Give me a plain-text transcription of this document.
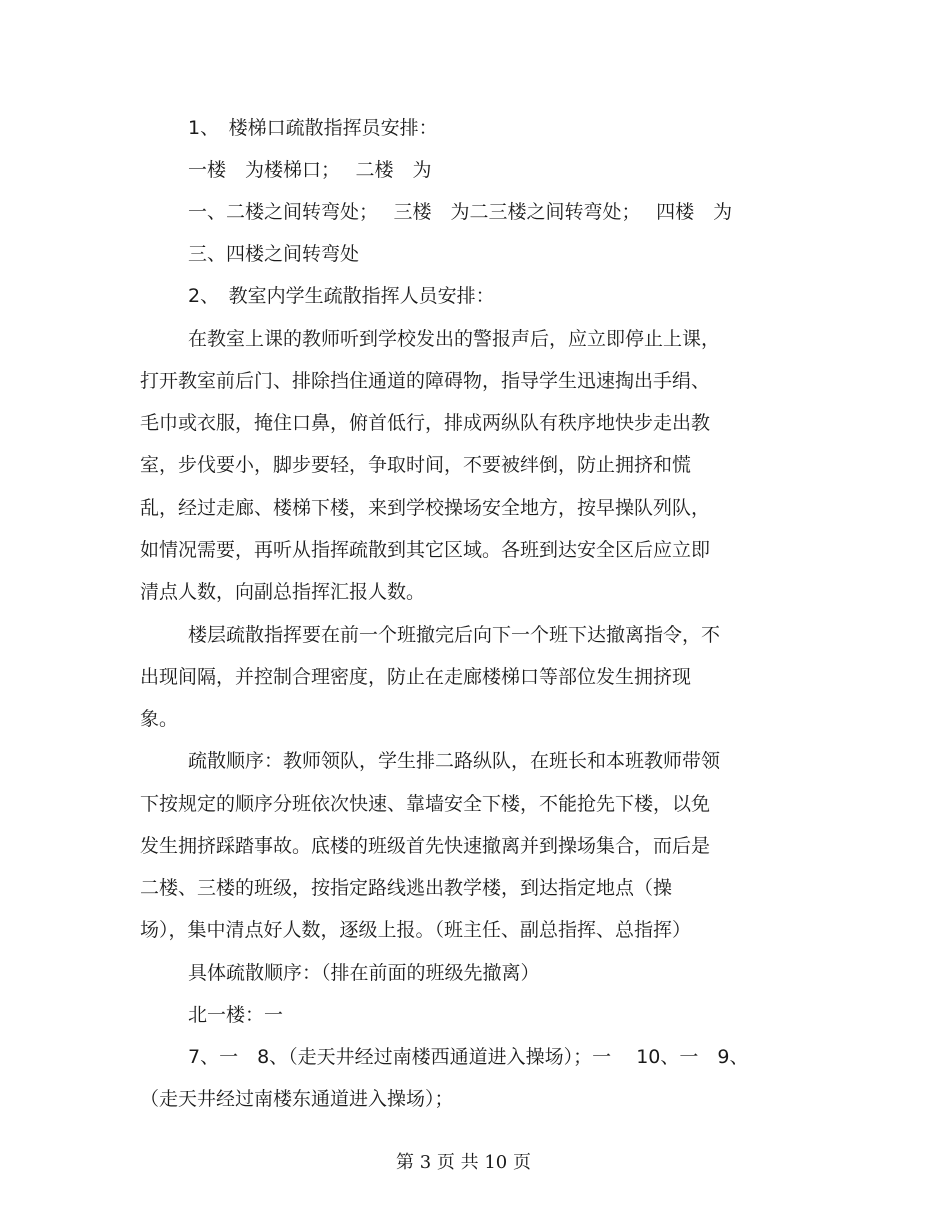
1、　楼梯口疏散指挥员安排：
一楼　为楼梯口；　 二楼　为
一、二楼之间转弯处；　 三楼　为二三楼之间转弯处；　 四楼　为
三、四楼之间转弯处
2、　教室内学生疏散指挥人员安排：
在教室上课的教师听到学校发出的警报声后，应立即停止上课，
打开教室前后门、排除挡住通道的障碍物，指导学生迅速掏出手绢、
毛巾或衣服，掩住口鼻，俯首低行，排成两纵队有秩序地快步走出教
室，步伐要小，脚步要轻，争取时间，不要被绊倒，防止拥挤和慌
乱，经过走廊、楼梯下楼，来到学校操场安全地方，按早操队列队，
如情况需要，再听从指挥疏散到其它区域。各班到达安全区后应立即
清点人数，向副总指挥汇报人数。
楼层疏散指挥要在前一个班撤完后向下一个班下达撤离指令，不
出现间隔，并控制合理密度，防止在走廊楼梯口等部位发生拥挤现
象。
疏散顺序：教师领队，学生排二路纵队，在班长和本班教师带领
下按规定的顺序分班依次快速、靠墙安全下楼，不能抢先下楼，以免
发生拥挤踩踏事故。底楼的班级首先快速撤离并到操场集合，而后是
二楼、三楼的班级，按指定路线逃出教学楼，到达指定地点（操
场），集中清点好人数，逐级上报。（班主任、副总指挥、总指挥）
具体疏散顺序：（排在前面的班级先撤离）
北一楼：一
7、一　8、（走天井经过南楼西通道进入操场）；一　 10、一　9、
（走天井经过南楼东通道进入操场）；
第 3 页 共 10 页
